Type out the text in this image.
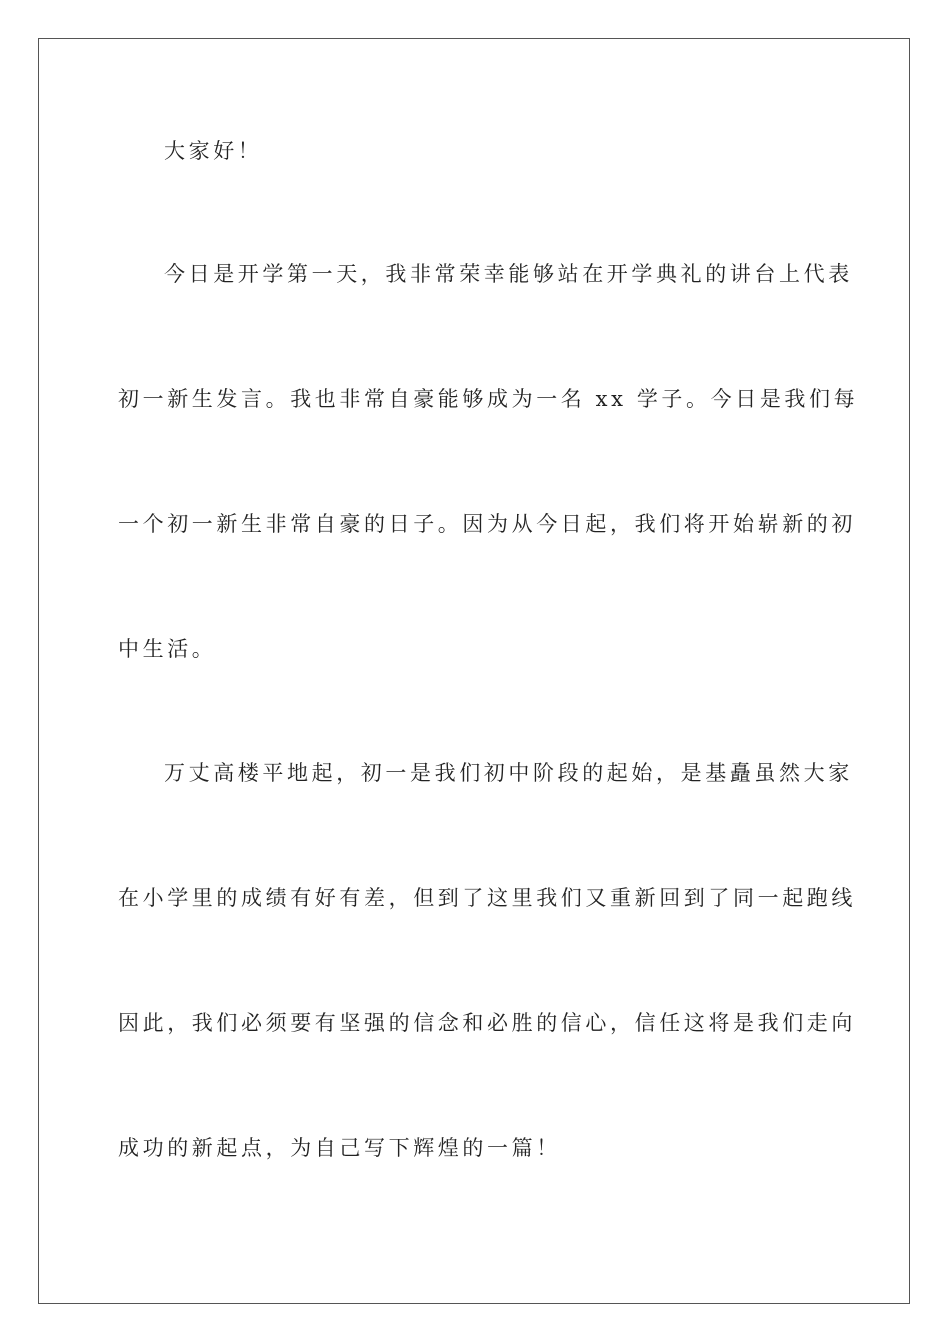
大家好！
今日是开学第一天，我非常荣幸能够站在开学典礼的讲台上代表
初一新生发言。我也非常自豪能够成为一名 xx 学子。今日是我们每
一个初一新生非常自豪的日子。因为从今日起，我们将开始崭新的初
中生活。
万丈高楼平地起，初一是我们初中阶段的起始，是基矗虽然大家
在小学里的成绩有好有差，但到了这里我们又重新回到了同一起跑线
因此，我们必须要有坚强的信念和必胜的信心，信任这将是我们走向
成功的新起点，为自己写下辉煌的一篇！
